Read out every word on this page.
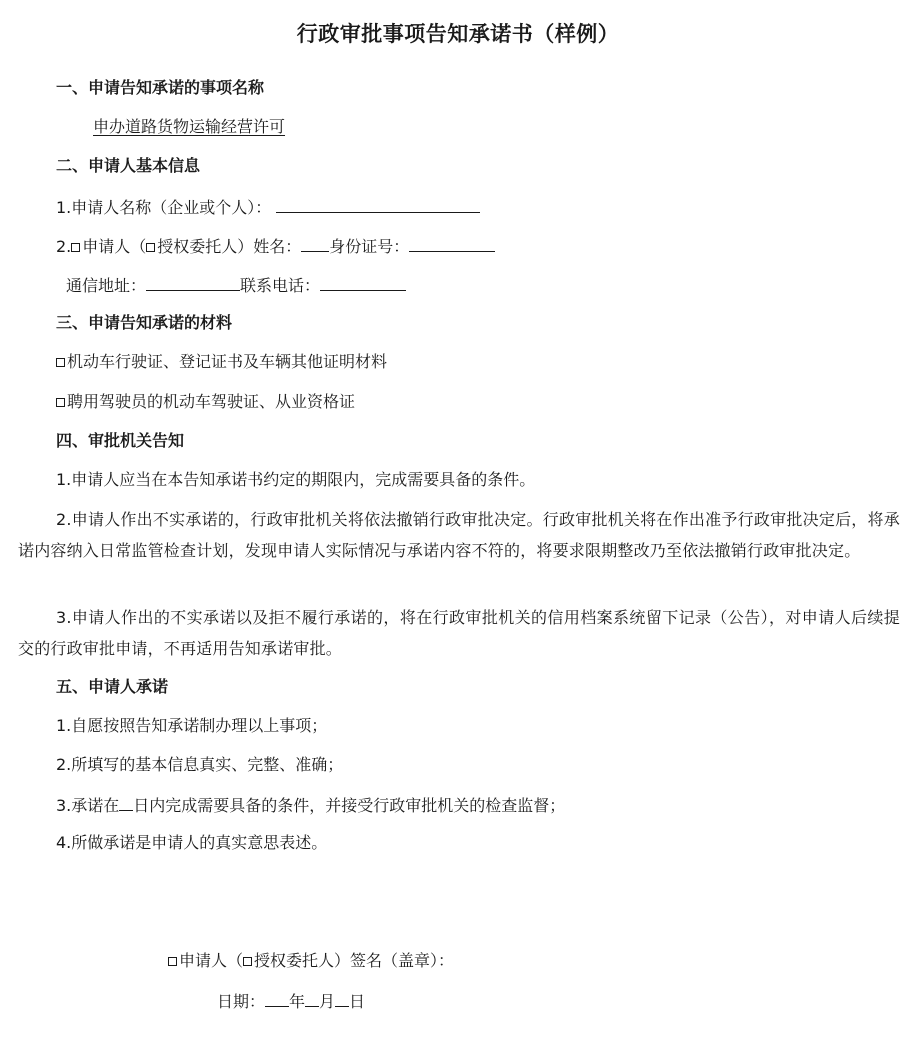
行政审批事项告知承诺书（样例）
一、申请告知承诺的事项名称
申办道路货物运输经营许可
二、申请人基本信息
1.申请人名称（企业或个人）：
2. 申请人（ 授权委托人）姓名： 身份证号：
通信地址：	联系电话：
三、申请告知承诺的材料
机动车行驶证、登记证书及车辆其他证明材料
聘用驾驶员的机动车驾驶证、从业资格证
四、审批机关告知
1.申请人应当在本告知承诺书约定的期限内，完成需要具备的条件。
2.申请人作出不实承诺的，行政审批机关将依法撤销行政审批决定。行政审批机关将在作出准予行政审批决定后，将承诺内容纳入日常监管检查计划，发现申请人实际情况与承诺内容不符的，将要求限期整改乃至依法撤销行政审批决定。
3.申请人作出的不实承诺以及拒不履行承诺的，将在行政审批机关的信用档案系统留下记录（公告），对申请人后续提交的行政审批申请，不再适用告知承诺审批。
五、申请人承诺
1.自愿按照告知承诺制办理以上事项；
2.所填写的基本信息真实、完整、准确；
3.承诺在 日内完成需要具备的条件，并接受行政审批机关的检查监督；
4.所做承诺是申请人的真实意思表述。
申请人（ 授权委托人）签名（盖章）：
日期： 年 月 日
